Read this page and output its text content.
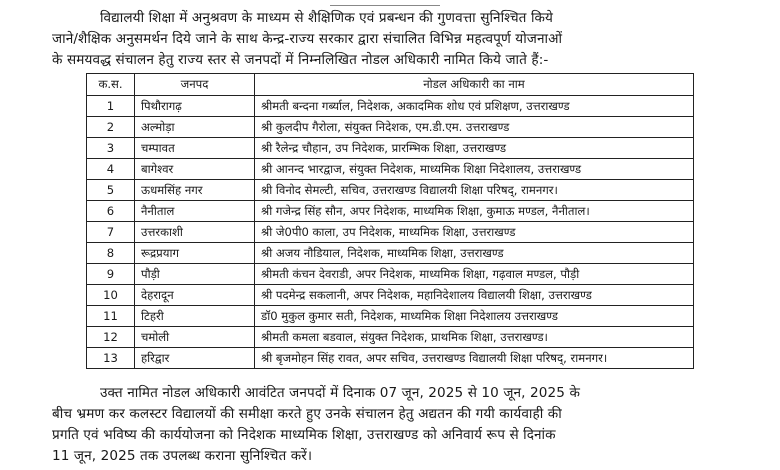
विद्यालयी शिक्षा में अनुश्रवण के माध्यम से शैक्षिणिक एवं प्रबन्धन की गुणवत्ता सुनिश्चित किये
जाने/शैक्षिक अनुसमर्थन दिये जाने के साथ केन्द्र-राज्य सरकार द्वारा संचालित विभिन्न महत्वपूर्ण योजनाओं
के समयवद्ध संचालन हेतु राज्य स्तर से जनपदों में निम्नलिखित नोडल अधिकारी नामित किये जाते हैं:-
क.स.	जनपद	नोडल अधिकारी का नाम
1	पिथौरागढ़	श्रीमती बन्दना गर्ब्याल, निदेशक, अकादमिक शोध एवं प्रशिक्षण, उत्तराखण्ड
2	अल्मोड़ा	श्री कुलदीप गैरोला, संयुक्त निदेशक, एम.डी.एम. उत्तराखण्ड
3	चम्पावत	श्री रैलेन्द्र चौहान, उप निदेशक, प्रारम्भिक शिक्षा, उत्तराखण्ड
4	बागेश्वर	श्री आनन्द भारद्वाज, संयुक्त निदेशक, माध्यमिक शिक्षा निदेशालय, उत्तराखण्ड
5	ऊधमसिंह नगर	श्री विनोद सेमल्टी, सचिव, उत्तराखण्ड विद्यालयी शिक्षा परिषद्, रामनगर।
6	नैनीताल	श्री गजेन्द्र सिंह सौन, अपर निदेशक, माध्यमिक शिक्षा, कुमाऊ मण्डल, नैनीताल।
7	उत्तरकाशी	श्री जे0पी0 काला, उप निदेशक, माध्यमिक शिक्षा, उत्तराखण्ड
8	रूद्रप्रयाग	श्री अजय नौडियाल, निदेशक, माध्यमिक शिक्षा, उत्तराखण्ड
9	पौड़ी	श्रीमती कंचन देवराडी, अपर निदेशक, माध्यमिक शिक्षा, गढ़वाल मण्डल, पौड़ी
10	देहरादून	श्री पदमेन्द्र सकलानी, अपर निदेशक, महानिदेशालय विद्यालयी शिक्षा, उत्तराखण्ड
11	टिहरी	डॉ0 मुकुल कुमार सती, निदेशक, माध्यमिक शिक्षा निदेशालय उत्तराखण्ड
12	चमोली	श्रीमती कमला बडवाल, संयुक्त निदेशक, प्राथमिक शिक्षा, उत्तराखण्ड।
13	हरिद्वार	श्री बृजमोहन सिंह रावत, अपर सचिव, उत्तराखण्ड विद्यालयी शिक्षा परिषद्, रामनगर।
उक्त नामित नोडल अधिकारी आवंटित जनपदों में दिनाक 07 जून, 2025 से 10 जून, 2025 के
बीच भ्रमण कर कलस्टर विद्यालयों की समीक्षा करते हुए उनके संचालन हेतु अद्यतन की गयी कार्यवाही की
प्रगति एवं भविष्य की कार्ययोजना को निदेशक माध्यमिक शिक्षा, उत्तराखण्ड को अनिवार्य रूप से दिनांक
11 जून, 2025 तक उपलब्ध कराना सुनिश्चित करें।
